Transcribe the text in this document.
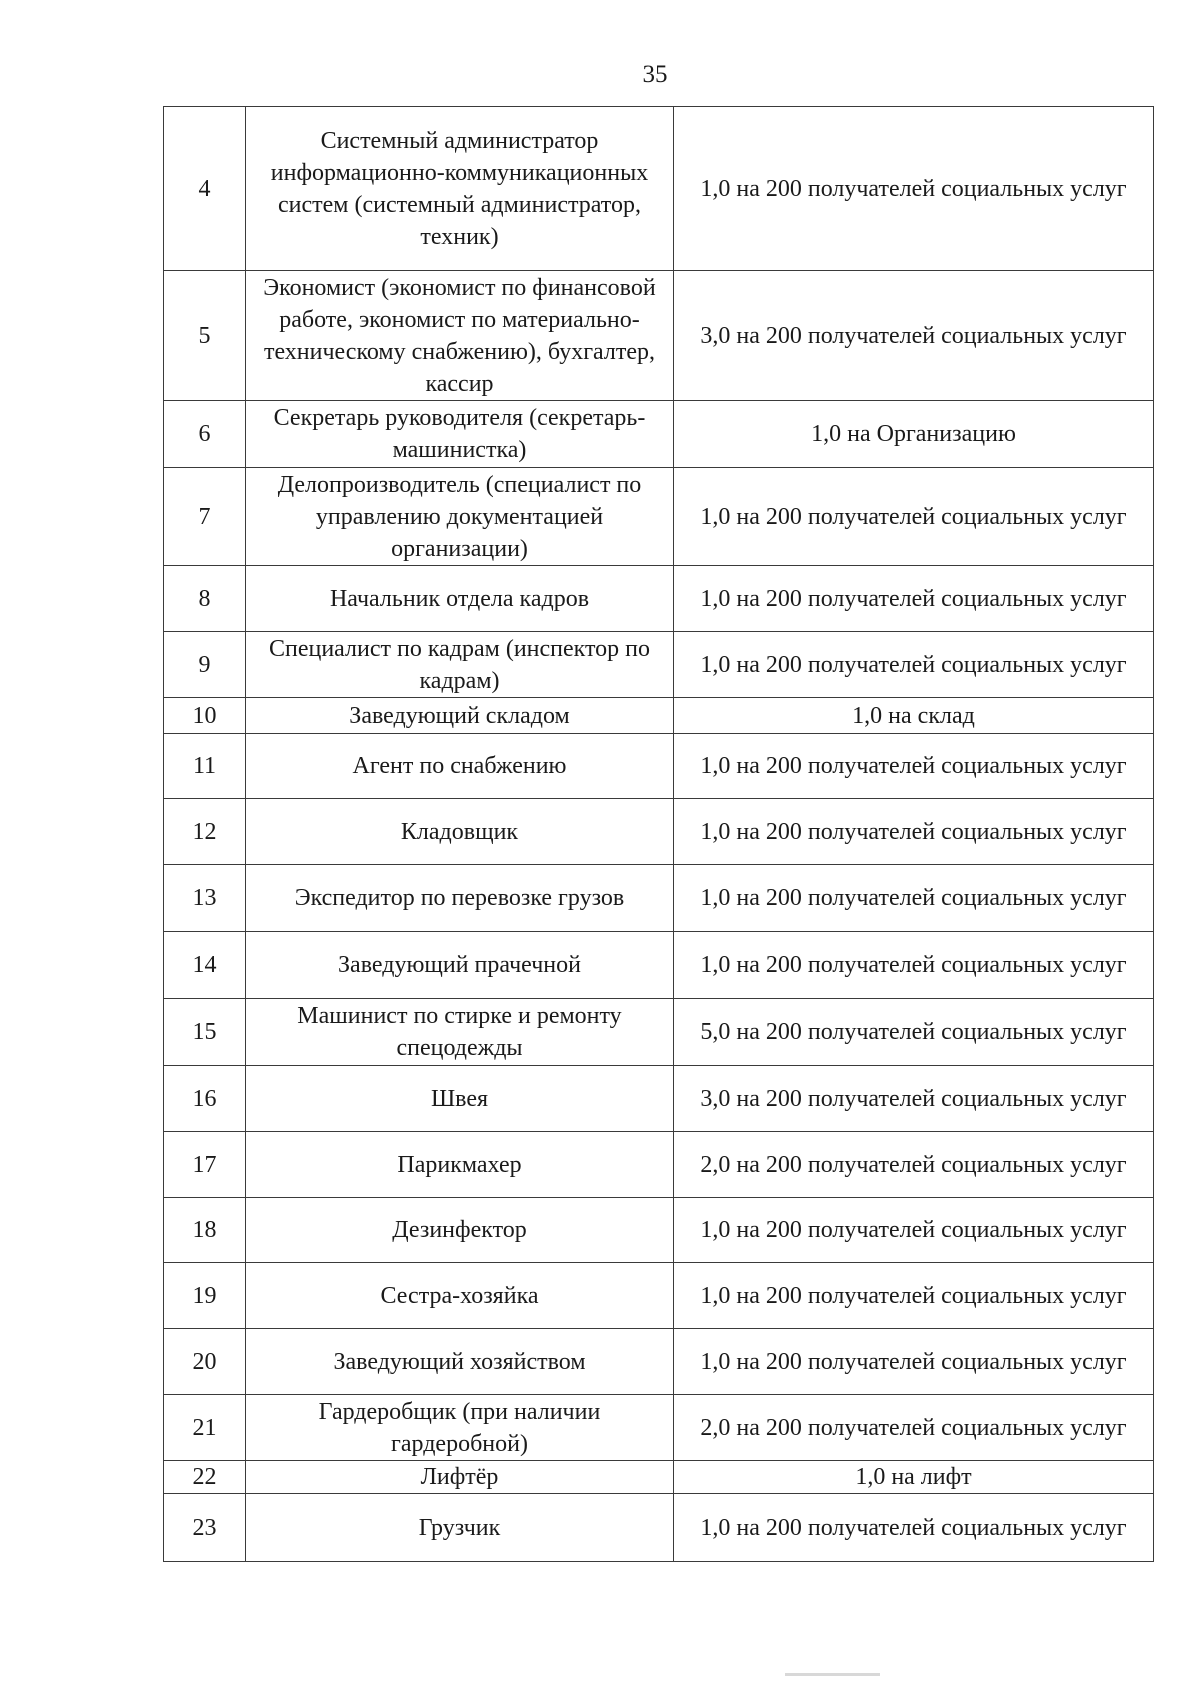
35
4	Системный администратор информационно-коммуникационных систем (системный администратор, техник)	1,0 на 200 получателей социальных услуг
5	Экономист (экономист по финансовой работе, экономист по материально-техническому снабжению), бухгалтер, кассир	3,0 на 200 получателей социальных услуг
6	Секретарь руководителя (секретарь-машинистка)	1,0 на Организацию
7	Делопроизводитель (специалист по управлению документацией организации)	1,0 на 200 получателей социальных услуг
8	Начальник отдела кадров	1,0 на 200 получателей социальных услуг
9	Специалист по кадрам (инспектор по кадрам)	1,0 на 200 получателей социальных услуг
10	Заведующий складом	1,0 на склад
11	Агент по снабжению	1,0 на 200 получателей социальных услуг
12	Кладовщик	1,0 на 200 получателей социальных услуг
13	Экспедитор по перевозке грузов	1,0 на 200 получателей социальных услуг
14	Заведующий прачечной	1,0 на 200 получателей социальных услуг
15	Машинист по стирке и ремонту спецодежды	5,0 на 200 получателей социальных услуг
16	Швея	3,0 на 200 получателей социальных услуг
17	Парикмахер	2,0 на 200 получателей социальных услуг
18	Дезинфектор	1,0 на 200 получателей социальных услуг
19	Сестра-хозяйка	1,0 на 200 получателей социальных услуг
20	Заведующий хозяйством	1,0 на 200 получателей социальных услуг
21	Гардеробщик (при наличии гардеробной)	2,0 на 200 получателей социальных услуг
22	Лифтёр	1,0 на лифт
23	Грузчик	1,0 на 200 получателей социальных услуг
